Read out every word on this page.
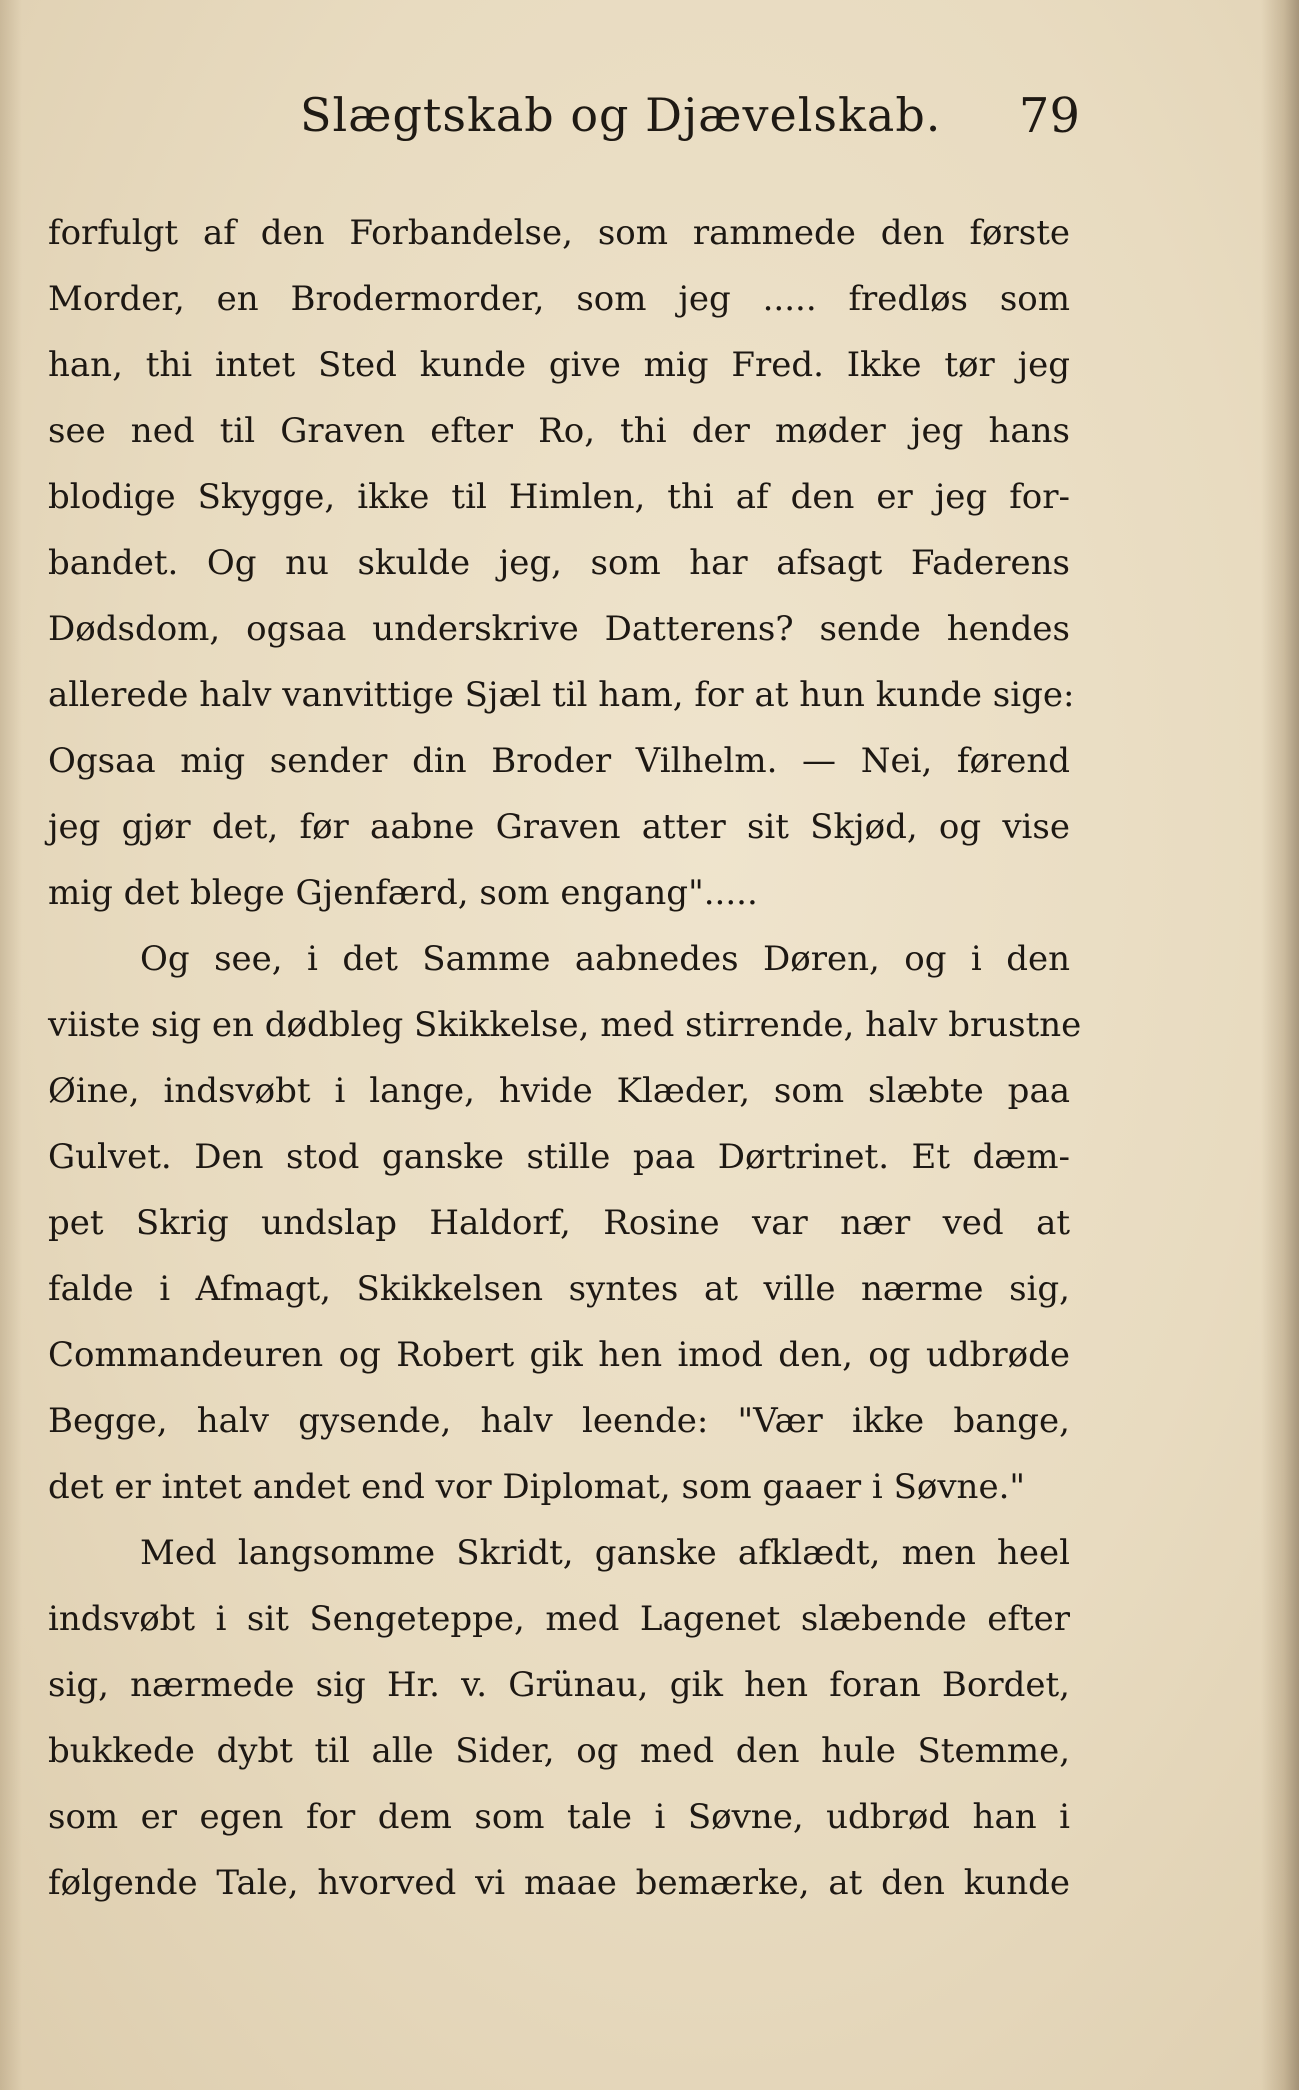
Slægtskab og Djævelskab. 79
forfulgt af den Forbandelse, som rammede den første
Morder, en Brodermorder, som jeg ..... fredløs som
han, thi intet Sted kunde give mig Fred. Ikke tør jeg
see ned til Graven efter Ro, thi der møder jeg hans
blodige Skygge, ikke til Himlen, thi af den er jeg for-
bandet. Og nu skulde jeg, som har afsagt Faderens
Dødsdom, ogsaa underskrive Datterens? sende hendes
allerede halv vanvittige Sjæl til ham, for at hun kunde sige:
Ogsaa mig sender din Broder Vilhelm. — Nei, førend
jeg gjør det, før aabne Graven atter sit Skjød, og vise
mig det blege Gjenfærd, som engang".....
Og see, i det Samme aabnedes Døren, og i den
viiste sig en dødbleg Skikkelse, med stirrende, halv brustne
Øine, indsvøbt i lange, hvide Klæder, som slæbte paa
Gulvet. Den stod ganske stille paa Dørtrinet. Et dæm-
pet Skrig undslap Haldorf, Rosine var nær ved at
falde i Afmagt, Skikkelsen syntes at ville nærme sig,
Commandeuren og Robert gik hen imod den, og udbrøde
Begge, halv gysende, halv leende: "Vær ikke bange,
det er intet andet end vor Diplomat, som gaaer i Søvne."
Med langsomme Skridt, ganske afklædt, men heel
indsvøbt i sit Sengeteppe, med Lagenet slæbende efter
sig, nærmede sig Hr. v. Grünau, gik hen foran Bordet,
bukkede dybt til alle Sider, og med den hule Stemme,
som er egen for dem som tale i Søvne, udbrød han i
følgende Tale, hvorved vi maae bemærke, at den kunde
